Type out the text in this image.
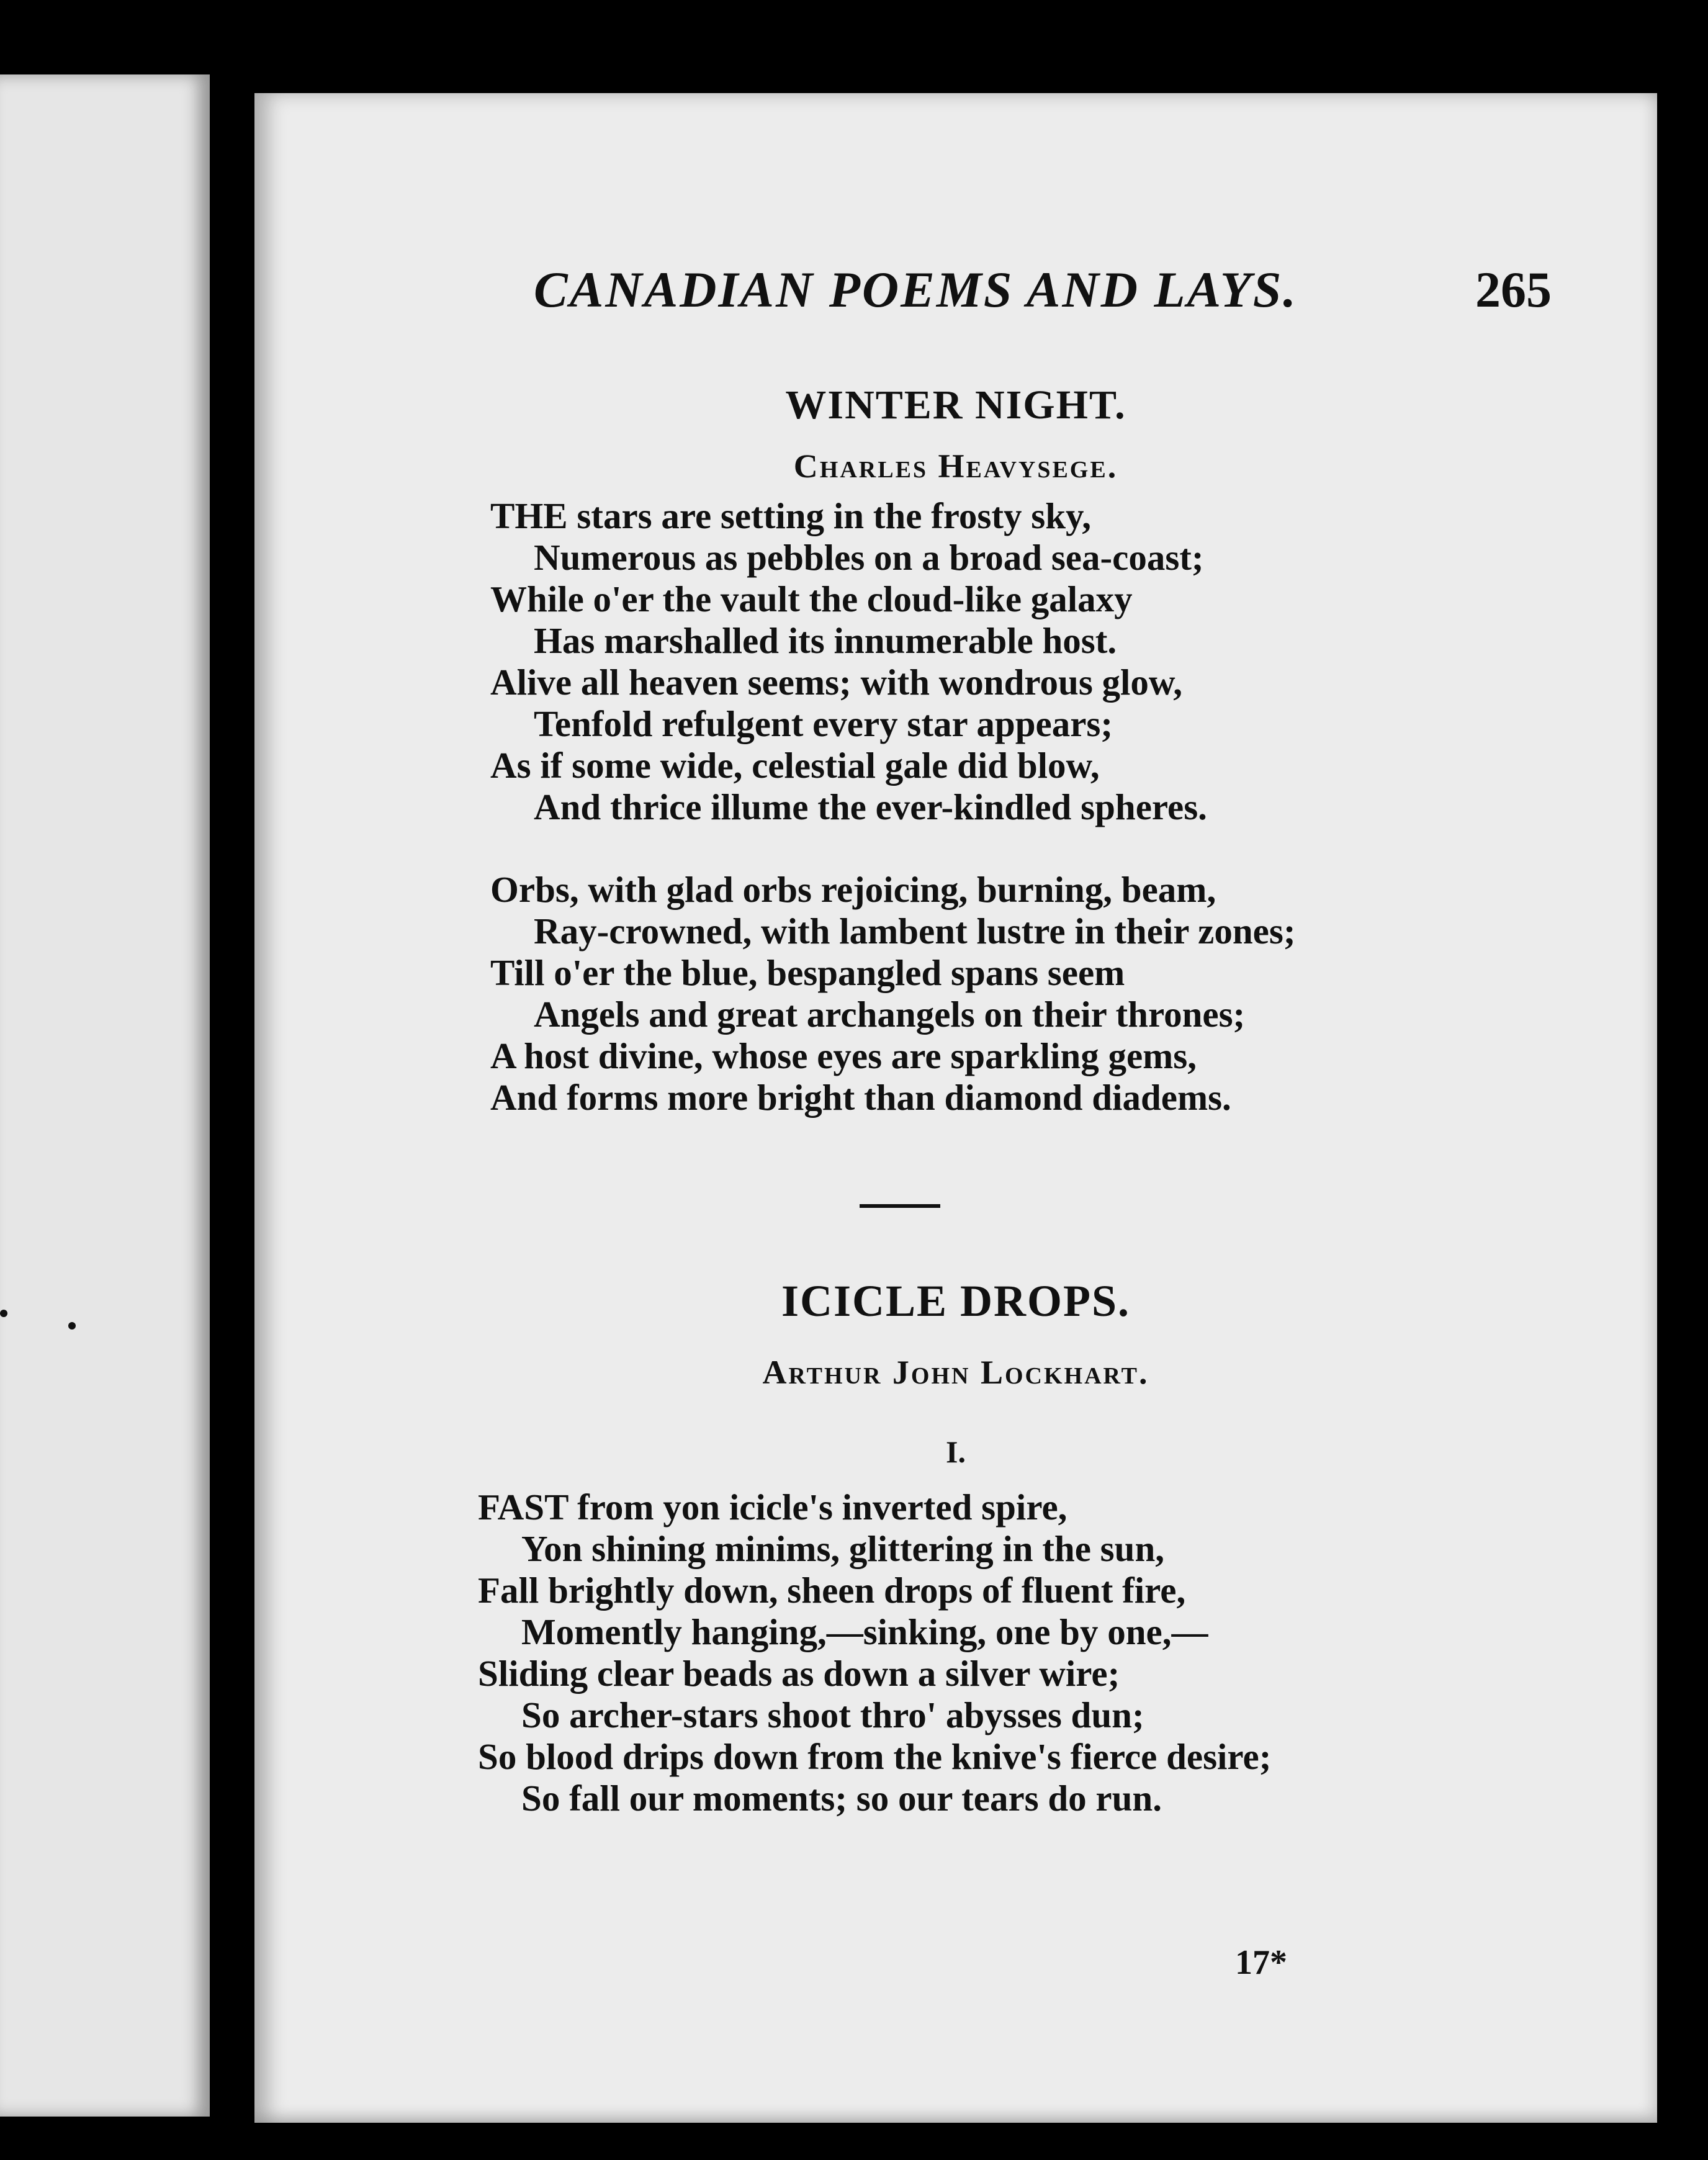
CANADIAN POEMS AND LAYS.	265
WINTER NIGHT.
Charles Heavysege.
THE stars are setting in the frosty sky,
Numerous as pebbles on a broad sea-coast;
While o'er the vault the cloud-like galaxy
Has marshalled its innumerable host.
Alive all heaven seems; with wondrous glow,
Tenfold refulgent every star appears;
As if some wide, celestial gale did blow,
And thrice illume the ever-kindled spheres.
Orbs, with glad orbs rejoicing, burning, beam,
Ray-crowned, with lambent lustre in their zones;
Till o'er the blue, bespangled spans seem
Angels and great archangels on their thrones;
A host divine, whose eyes are sparkling gems,
And forms more bright than diamond diadems.
ICICLE DROPS.
Arthur John Lockhart.
I.
FAST from yon icicle's inverted spire,
Yon shining minims, glittering in the sun,
Fall brightly down, sheen drops of fluent fire,
Momently hanging,—sinking, one by one,—
Sliding clear beads as down a silver wire;
So archer-stars shoot thro' abysses dun;
So blood drips down from the knive's fierce desire;
So fall our moments; so our tears do run.
17*
